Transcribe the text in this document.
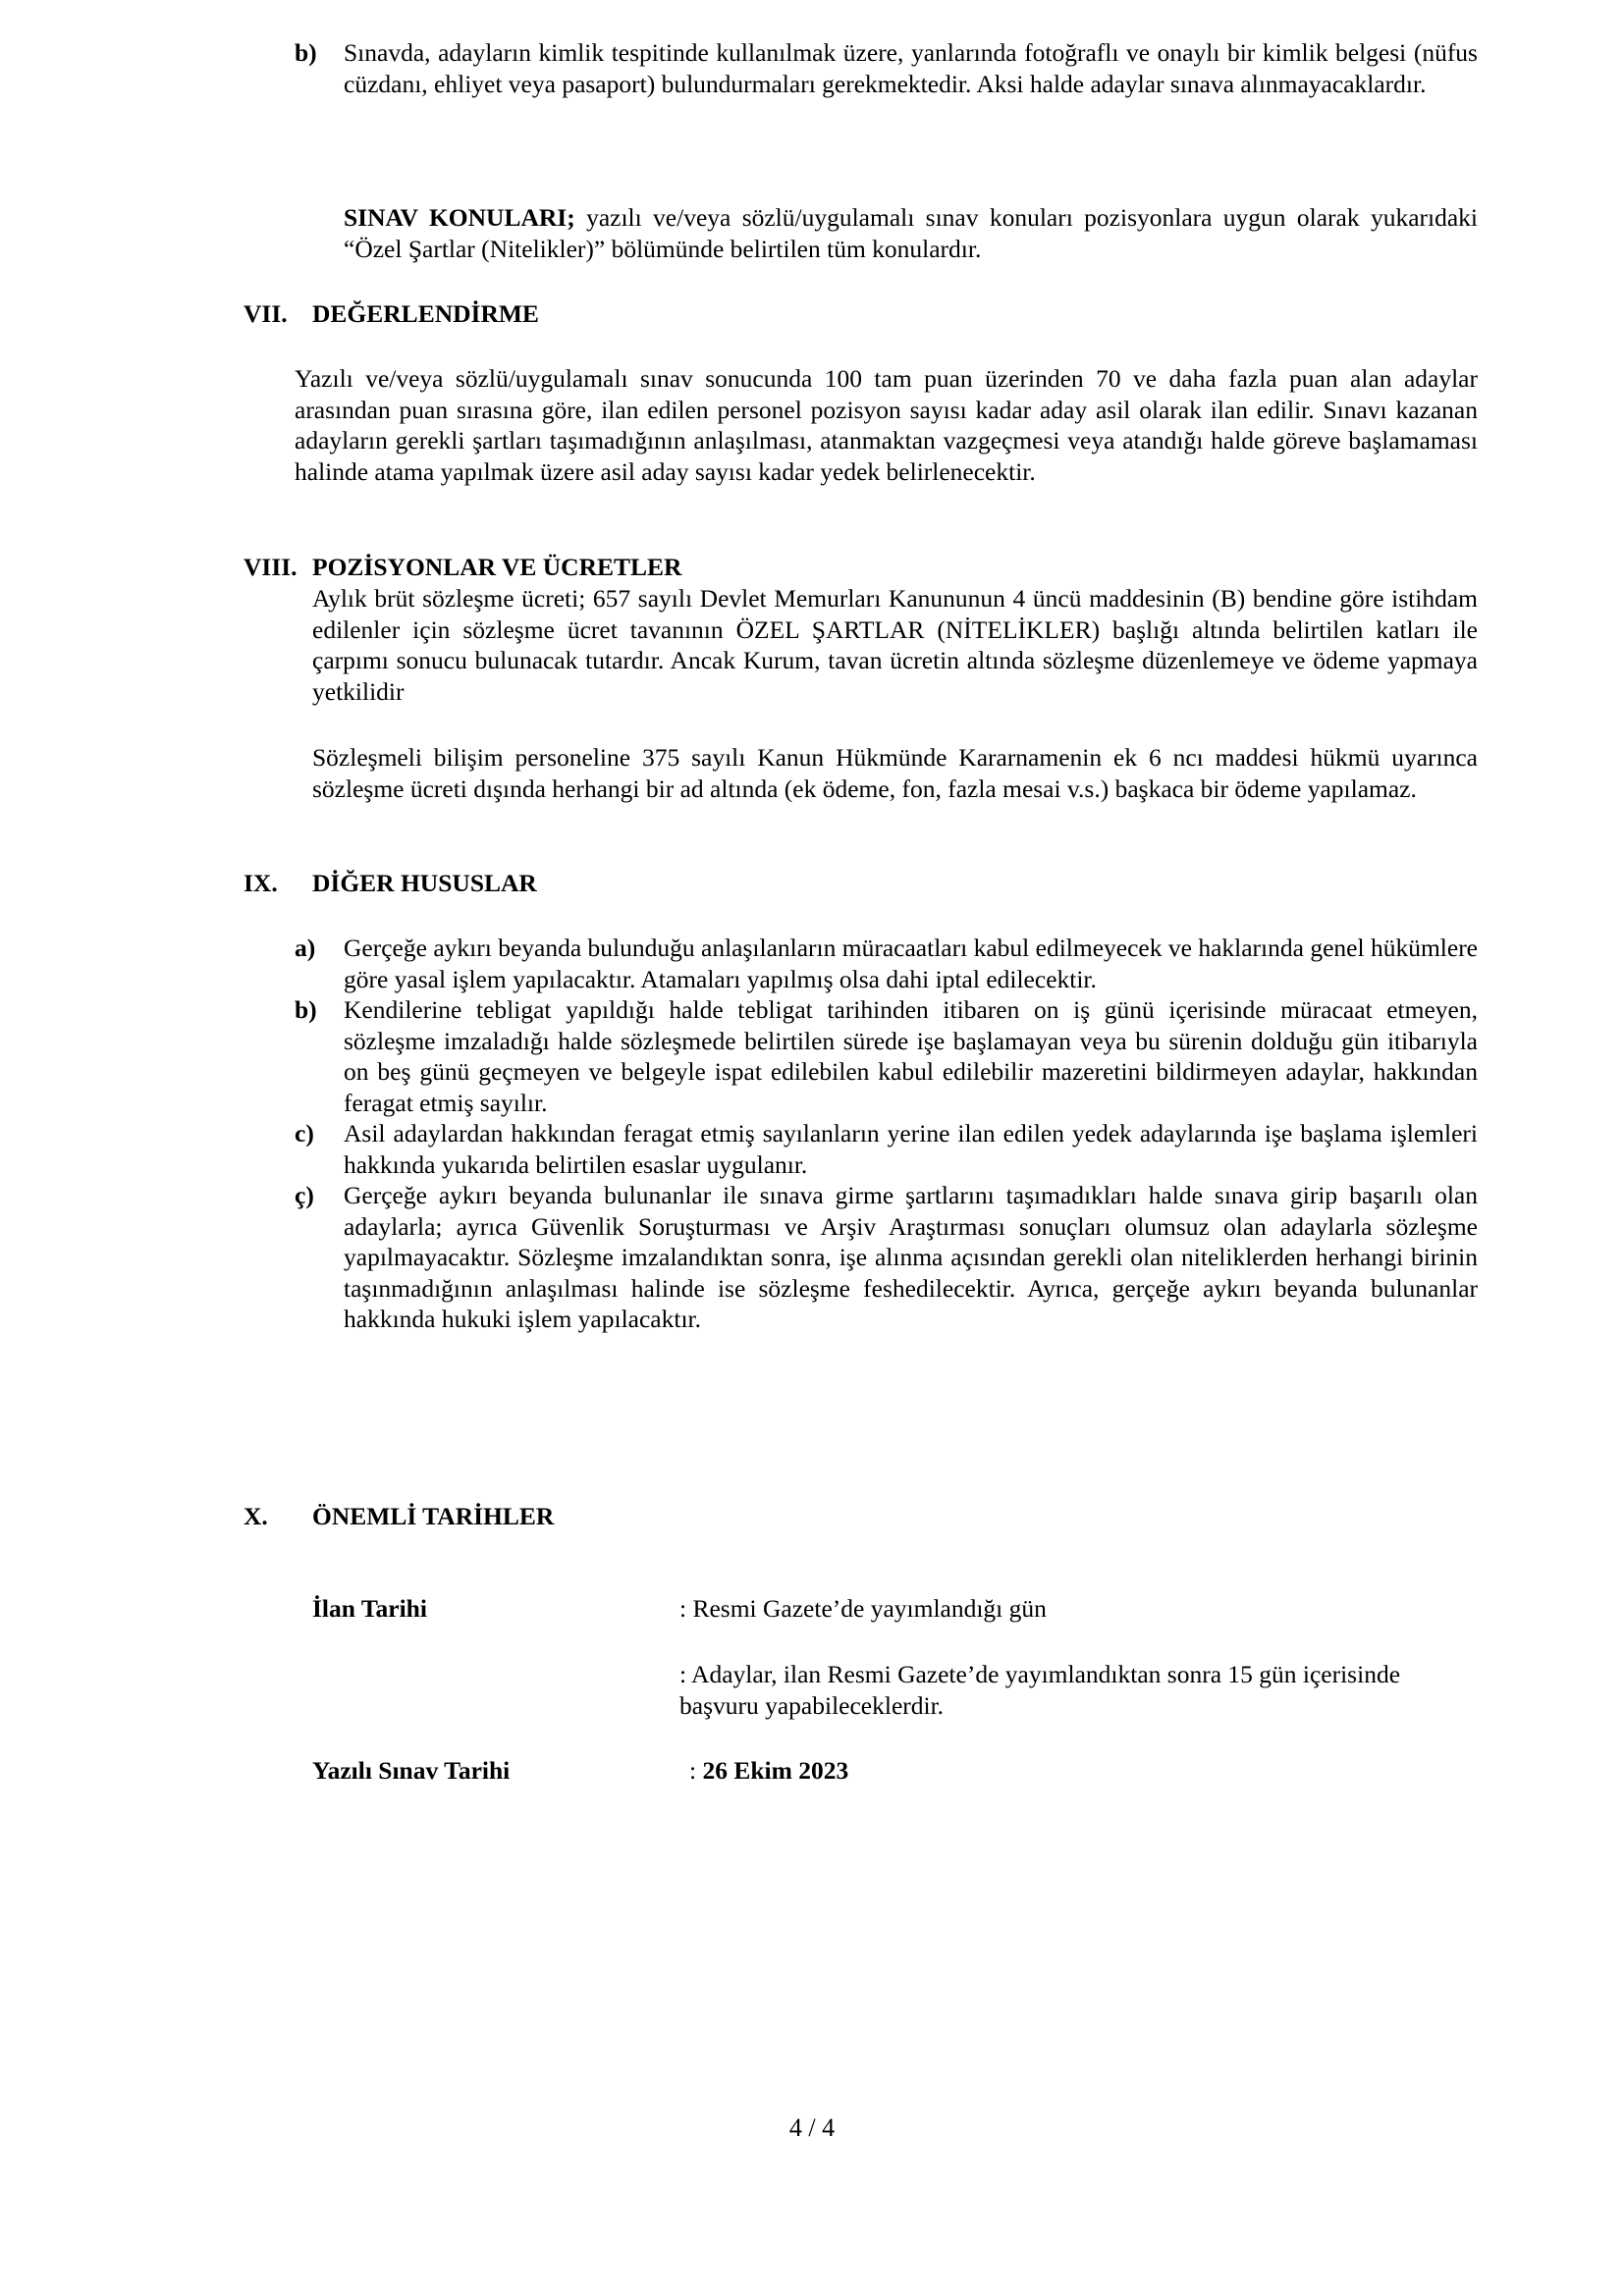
b) Sınavda, adayların kimlik tespitinde kullanılmak üzere, yanlarında fotoğraflı ve onaylı bir kimlik belgesi (nüfus cüzdanı, ehliyet veya pasaport) bulundurmaları gerekmektedir. Aksi halde adaylar sınava alınmayacaklardır.
SINAV KONULARI; yazılı ve/veya sözlü/uygulamalı sınav konuları pozisyonlara uygun olarak yukarıdaki “Özel Şartlar (Nitelikler)” bölümünde belirtilen tüm konulardır.
VII. DEĞERLENDİRME
Yazılı ve/veya sözlü/uygulamalı sınav sonucunda 100 tam puan üzerinden 70 ve daha fazla puan alan adaylar arasından puan sırasına göre, ilan edilen personel pozisyon sayısı kadar aday asil olarak ilan edilir. Sınavı kazanan adayların gerekli şartları taşımadığının anlaşılması, atanmaktan vazgeçmesi veya atandığı halde göreve başlamaması halinde atama yapılmak üzere asil aday sayısı kadar yedek belirlenecektir.
VIII. POZİSYONLAR VE ÜCRETLER
Aylık brüt sözleşme ücreti; 657 sayılı Devlet Memurları Kanununun 4 üncü maddesinin (B) bendine göre istihdam edilenler için sözleşme ücret tavanının ÖZEL ŞARTLAR (NİTELİKLER) başlığı altında belirtilen katları ile çarpımı sonucu bulunacak tutardır. Ancak Kurum, tavan ücretin altında sözleşme düzenlemeye ve ödeme yapmaya yetkilidir
Sözleşmeli bilişim personeline 375 sayılı Kanun Hükmünde Kararnamenin ek 6 ncı maddesi hükmü uyarınca sözleşme ücreti dışında herhangi bir ad altında (ek ödeme, fon, fazla mesai v.s.) başkaca bir ödeme yapılamaz.
IX. DİĞER HUSUSLAR
a) Gerçeğe aykırı beyanda bulunduğu anlaşılanların müracaatları kabul edilmeyecek ve haklarında genel hükümlere göre yasal işlem yapılacaktır. Atamaları yapılmış olsa dahi iptal edilecektir.
b) Kendilerine tebligat yapıldığı halde tebligat tarihinden itibaren on iş günü içerisinde müracaat etmeyen, sözleşme imzaladığı halde sözleşmede belirtilen sürede işe başlamayan veya bu sürenin dolduğu gün itibarıyla on beş günü geçmeyen ve belgeyle ispat edilebilen kabul edilebilir mazeretini bildirmeyen adaylar, hakkından feragat etmiş sayılır.
c) Asil adaylardan hakkından feragat etmiş sayılanların yerine ilan edilen yedek adaylarında işe başlama işlemleri hakkında yukarıda belirtilen esaslar uygulanır.
ç) Gerçeğe aykırı beyanda bulunanlar ile sınava girme şartlarını taşımadıkları halde sınava girip başarılı olan adaylarla; ayrıca Güvenlik Soruşturması ve Arşiv Araştırması sonuçları olumsuz olan adaylarla sözleşme yapılmayacaktır. Sözleşme imzalandıktan sonra, işe alınma açısından gerekli olan niteliklerden herhangi birinin taşınmadığının anlaşılması halinde ise sözleşme feshedilecektir. Ayrıca, gerçeğe aykırı beyanda bulunanlar hakkında hukuki işlem yapılacaktır.
X. ÖNEMLİ TARİHLER
İlan Tarihi	: Resmi Gazete’de yayımlandığı gün
: Adaylar, ilan Resmi Gazete’de yayımlandıktan sonra 15 gün içerisinde başvuru yapabileceklerdir.
Yazılı Sınav Tarihi	: 26 Ekim 2023
4 / 4
